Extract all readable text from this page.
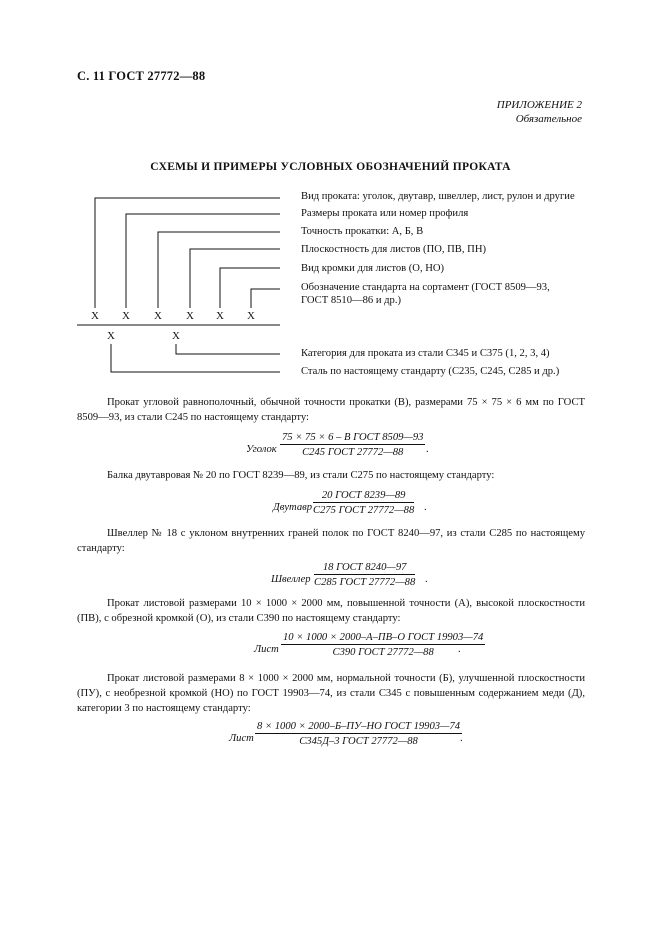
С. 11 ГОСТ 27772—88
ПРИЛОЖЕНИЕ 2
Обязательное
СХЕМЫ И ПРИМЕРЫ УСЛОВНЫХ ОБОЗНАЧЕНИЙ ПРОКАТА
Вид проката: уголок, двутавр, швеллер, лист, рулон и другие
Размеры проката или номер профиля
Точность прокатки: А, Б, В
Плоскостность для листов (ПО, ПВ, ПН)
Вид кромки для листов (О, НО)
Обозначение стандарта на сортамент (ГОСТ 8509—93,
ГОСТ 8510—86 и др.)
Категория для проката из стали С345 и С375 (1, 2, 3, 4)
Сталь по настоящему стандарту (С235, С245, С285 и др.)
X X X X X X
X	X
Прокат угловой равнополочный, обычной точности прокатки (В), размерами 75 × 75 × 6 мм по ГОСТ 8509—93, из стали С245 по настоящему стандарту:
Уголок
75 × 75 × 6 – В ГОСТ 8509—93
С245 ГОСТ 27772—88	.
Балка двутавровая № 20 по ГОСТ 8239—89, из стали С275 по настоящему стандарту:
Двутавр
20 ГОСТ 8239—89
С275 ГОСТ 27772—88 .
Швеллер № 18 с уклоном внутренних граней полок по ГОСТ 8240—97, из стали С285 по настоящему стандарту:
Швеллер
18 ГОСТ 8240—97
С285 ГОСТ 27772—88 .
Прокат листовой размерами 10 × 1000 × 2000 мм, повышенной точности (А), высокой плоскостности (ПВ), с обрезной кромкой (О), из стали С390 по настоящему стандарту:
Лист
10 × 1000 × 2000–А–ПВ–О ГОСТ 19903—74
С390 ГОСТ 27772—88	.
Прокат листовой размерами 8 × 1000 × 2000 мм, нормальной точности (Б), улучшенной плоскостности (ПУ), с необрезной кромкой (НО) по ГОСТ 19903—74, из стали С345 с повышенным содержанием меди (Д), категории 3 по настоящему стандарту:
Лист
8 × 1000 × 2000–Б–ПУ–НО ГОСТ 19903—74
С345Д–3 ГОСТ 27772—88	.
